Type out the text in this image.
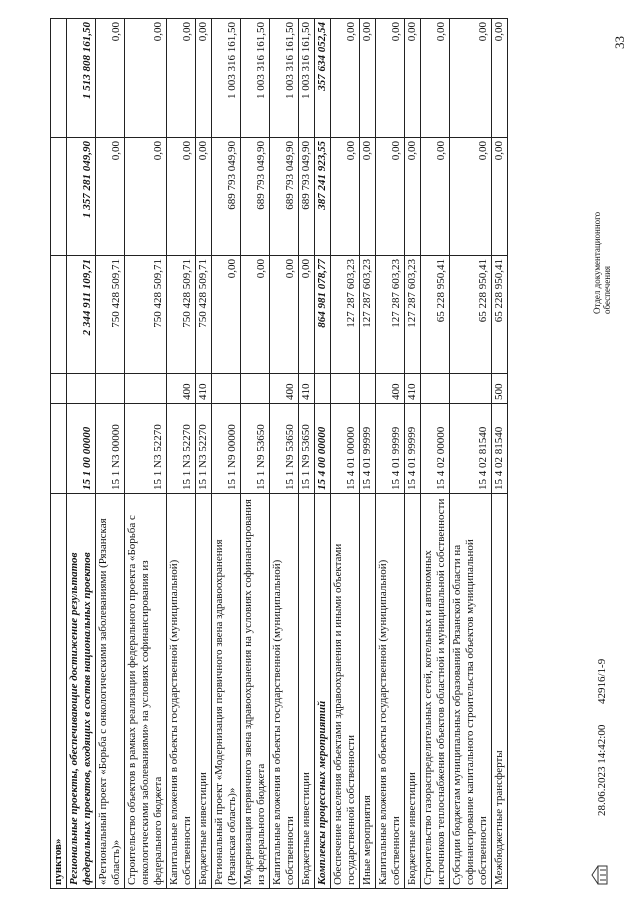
33
пунктов»					
Региональные проекты, обеспечивающие достижение результатов федеральных проектов, входящих в состав национальных проектов	15 1 00 00000		2 344 911 109,71	1 357 281 049,90	1 513 808 161,50
«Региональный проект «Борьба с онкологическими заболеваниями (Рязанская область)»	15 1 N3 00000		750 428 509,71	0,00	0,00
Строительство объектов в рамках реализации федерального проекта «Борьба с онкологическими заболеваниями» на условиях софинансирования из федерального бюджета	15 1 N3 52270		750 428 509,71	0,00	0,00
Капитальные вложения в объекты государственной (муниципальной) собственности	15 1 N3 52270	400	750 428 509,71	0,00	0,00
Бюджетные инвестиции	15 1 N3 52270	410	750 428 509,71	0,00	0,00
Региональный проект «Модернизация первичного звена здравоохранения (Рязанская область)»	15 1 N9 00000		0,00	689 793 049,90	1 003 316 161,50
Модернизация первичного звена здравоохранения на условиях софинансирования из федерального бюджета	15 1 N9 53650		0,00	689 793 049,90	1 003 316 161,50
Капитальные вложения в объекты государственной (муниципальной) собственности	15 1 N9 53650	400	0,00	689 793 049,90	1 003 316 161,50
Бюджетные инвестиции	15 1 N9 53650	410	0,00	689 793 049,90	1 003 316 161,50
Комплексы процессных мероприятий	15 4 00 00000		864 981 078,77	387 241 923,55	357 634 052,54
Обеспечение населения объектами здравоохранения и иными объектами государственной собственности	15 4 01 00000		127 287 603,23	0,00	0,00
Иные мероприятия	15 4 01 99999		127 287 603,23	0,00	0,00
Капитальные вложения в объекты государственной (муниципальной) собственности	15 4 01 99999	400	127 287 603,23	0,00	0,00
Бюджетные инвестиции	15 4 01 99999	410	127 287 603,23	0,00	0,00
Строительство газораспределительных сетей, котельных и автономных источников теплоснабжения объектов областной и муниципальной собственности	15 4 02 00000		65 228 950,41	0,00	0,00
Субсидии бюджетам муниципальных образований Рязанской области на софинансирование капитального строительства объектов муниципальной собственности	15 4 02 81540		65 228 950,41	0,00	0,00
Межбюджетные трансферты	15 4 02 81540	500	65 228 950,41	0,00	0,00
28.06.2023 14:42:00
42916/1-9
Отдел документационного обеспечения
